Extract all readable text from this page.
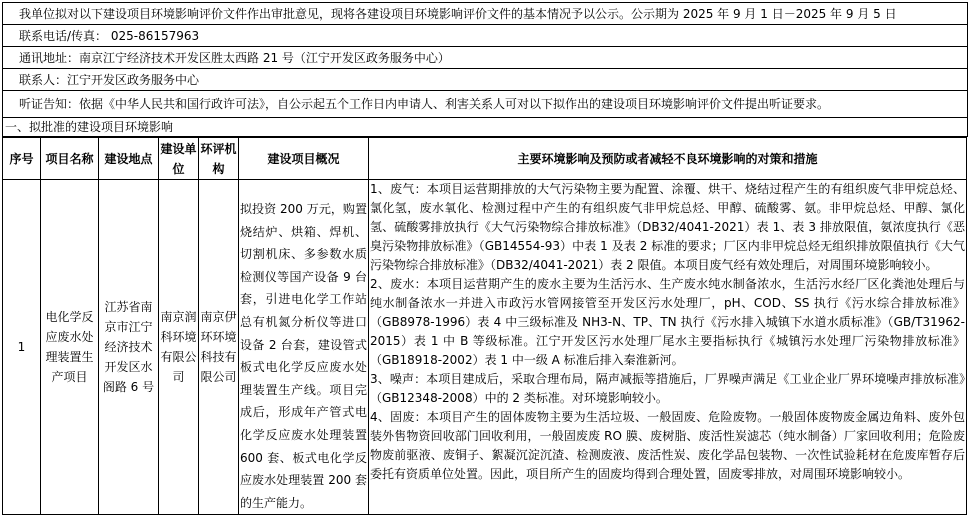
我单位拟对以下建设项目环境影响评价文件作出审批意见，现将各建设项目环境影响评价文件的基本情况予以公示。公示期为 2025 年 9 月 1 日－2025 年 9 月 5 日
联系电话/传真： 025-86157963
通讯地址：南京江宁经济技术开发区胜太西路 21 号（江宁开发区政务服务中心）
联系人：江宁开发区政务服务中心
听证告知：依据《中华人民共和国行政许可法》，自公示起五个工作日内申请人、利害关系人可对以下拟作出的建设项目环境影响评价文件提出听证要求。
一、拟批准的建设项目环境影响
序号	项目名称	建设地点	建设单位	环评机构	建设项目概况	主要环境影响及预防或者减轻不良环境影响的对策和措施
1	电化学反应废水处理装置生产项目	江苏省南京市江宁经济技术开发区水阁路 6 号	南京润科环境有限公司	南京伊环环境科技有限公司	拟投资 200 万元，购置烧结炉、烘箱、焊机、切割机床、多参数水质检测仪等国产设备 9 台套，引进电化学工作站总有机氮分析仪等进口设备 2 台套，建设管式板式电化学反应废水处理装置生产线。项目完成后，形成年产管式电化学反应废水处理装置 600 套、板式电化学反应废水处理装置 200 套的生产能力。	1、废气：本项目运营期排放的大气污染物主要为配置、涂覆、烘干、烧结过程产生的有组织废气非甲烷总烃、氯化氢，废水氧化、检测过程中产生的有组织废气非甲烷总烃、甲醇、硫酸雾、氨。非甲烷总烃、甲醇、氯化氢、硫酸雾排放执行《大气污染物综合排放标准》（DB32/4041-2021）表 1、表 3 排放限值，氨浓度执行《恶臭污染物排放标准》（GB14554-93）中表 1 及表 2 标准的要求；厂区内非甲烷总烃无组织排放限值执行《大气污染物综合排放标准》（DB32/4041-2021）表 2 限值。本项目废气经有效处理后，对周围环境影响较小。

2、废水：本项目运营期产生的废水主要为生活污水、生产废水纯水制备浓水，生活污水经厂区化粪池处理后与纯水制备浓水一并进入市政污水管网接管至开发区污水处理厂，pH、COD、SS 执行《污水综合排放标准》（GB8978-1996）表 4 中三级标准及 NH3-N、TP、TN 执行《污水排入城镇下水道水质标准》（GB/T31962-2015）表 1 中 B 等级标准。江宁开发区污水处理厂尾水主要指标执行《城镇污水处理厂污染物排放标准》（GB18918-2002）表 1 中一级 A 标准后排入秦淮新河。

3、噪声：本项目建成后，采取合理布局，隔声减振等措施后，厂界噪声满足《工业企业厂界环境噪声排放标准》（GB12348-2008）中的 2 类标准。对环境影响较小。

4、固废：本项目产生的固体废物主要为生活垃圾、一般固废、危险废物。一般固体废物废金属边角料、废外包装外售物资回收部门回收利用，一般固废废 RO 膜、废树脂、废活性炭滤芯（纯水制备）厂家回收利用；危险废物废前驱液、废铜子、絮凝沉淀沉渣、检测废液、废活性炭、废化学品包装物、一次性试验耗材在危废库暂存后委托有资质单位处置。因此，项目所产生的固废均得到合理处置，固废零排放，对周围环境影响较小。
